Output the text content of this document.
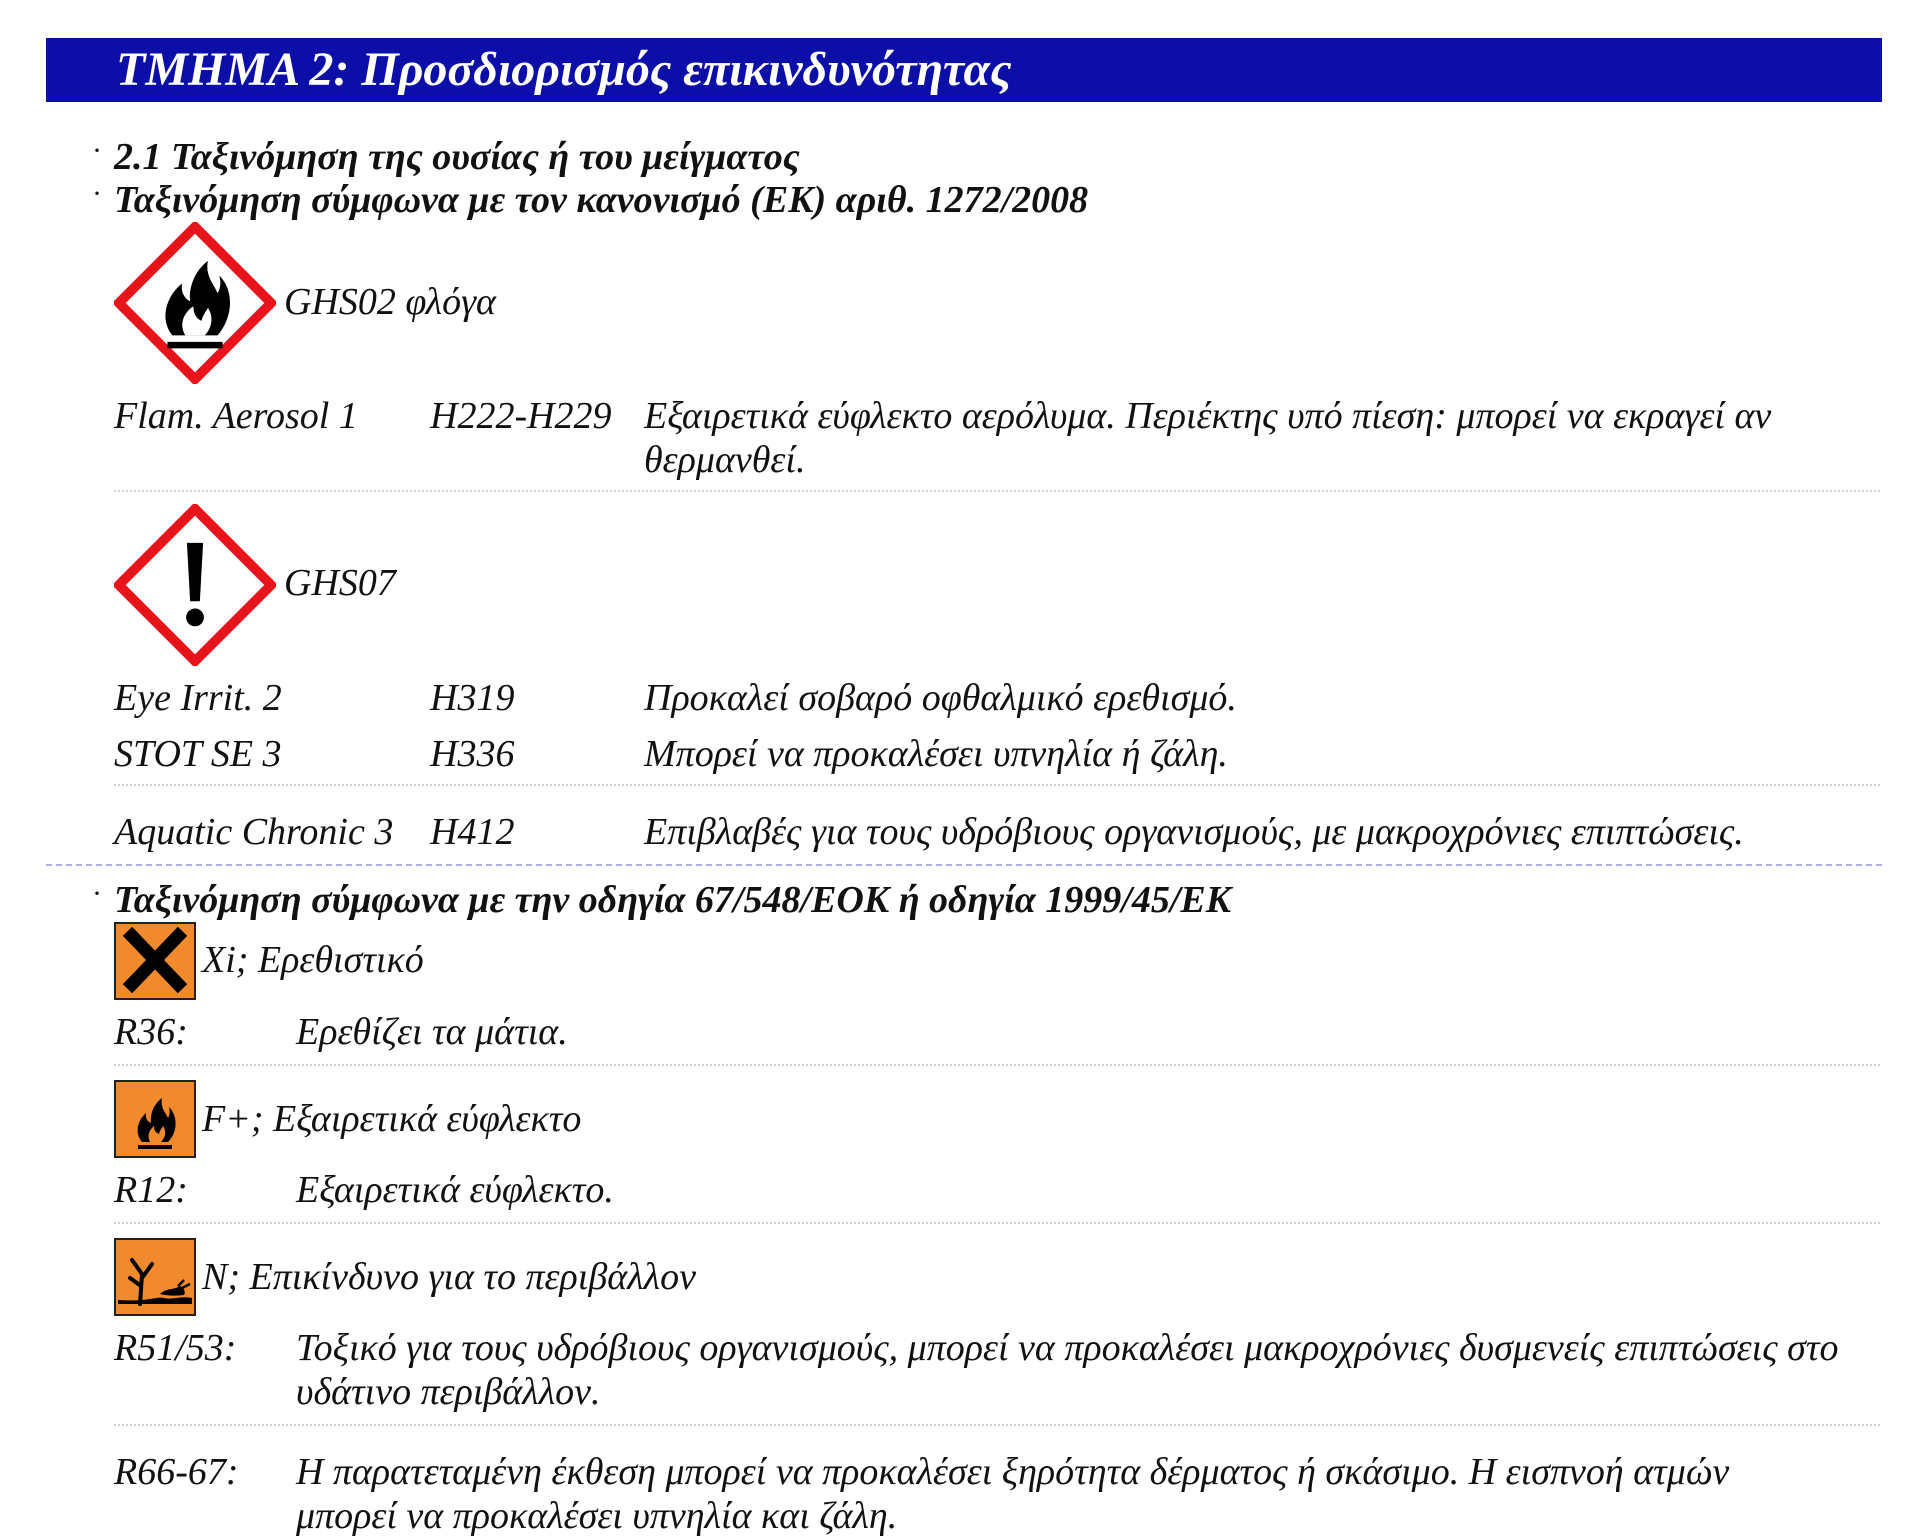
ΤΜΗΜΑ 2: Προσδιορισμός επικινδυνότητας
· 2.1 Ταξινόμηση της ουσίας ή του μείγματος
· Ταξινόμηση σύμφωνα με τον κανονισμό (ΕΚ) αριθ. 1272/2008
GHS02 φλόγα
Flam. Aerosol 1 H222-H229 Εξαιρετικά εύφλεκτο αερόλυμα. Περιέκτης υπό πίεση: μπορεί να εκραγεί αν θερμανθεί.
GHS07
Eye Irrit. 2	H319	Προκαλεί σοβαρό οφθαλμικό ερεθισμό.
STOT SE 3	H336	Μπορεί να προκαλέσει υπνηλία ή ζάλη.
Aquatic Chronic 3 H412	Επιβλαβές για τους υδρόβιους οργανισμούς, με μακροχρόνιες επιπτώσεις.
· Ταξινόμηση σύμφωνα με την οδηγία 67/548/ΕΟΚ ή οδηγία 1999/45/ΕΚ
Xi; Ερεθιστικό
R36:	Ερεθίζει τα μάτια.
F+; Εξαιρετικά εύφλεκτο
R12:	Εξαιρετικά εύφλεκτο.
N; Επικίνδυνο για το περιβάλλον
R51/53: Τοξικό για τους υδρόβιους οργανισμούς, μπορεί να προκαλέσει μακροχρόνιες δυσμενείς επιπτώσεις στο υδάτινο περιβάλλον.
R66-67: Η παρατεταμένη έκθεση μπορεί να προκαλέσει ξηρότητα δέρματος ή σκάσιμο. Η εισπνοή ατμών μπορεί να προκαλέσει υπνηλία και ζάλη.
